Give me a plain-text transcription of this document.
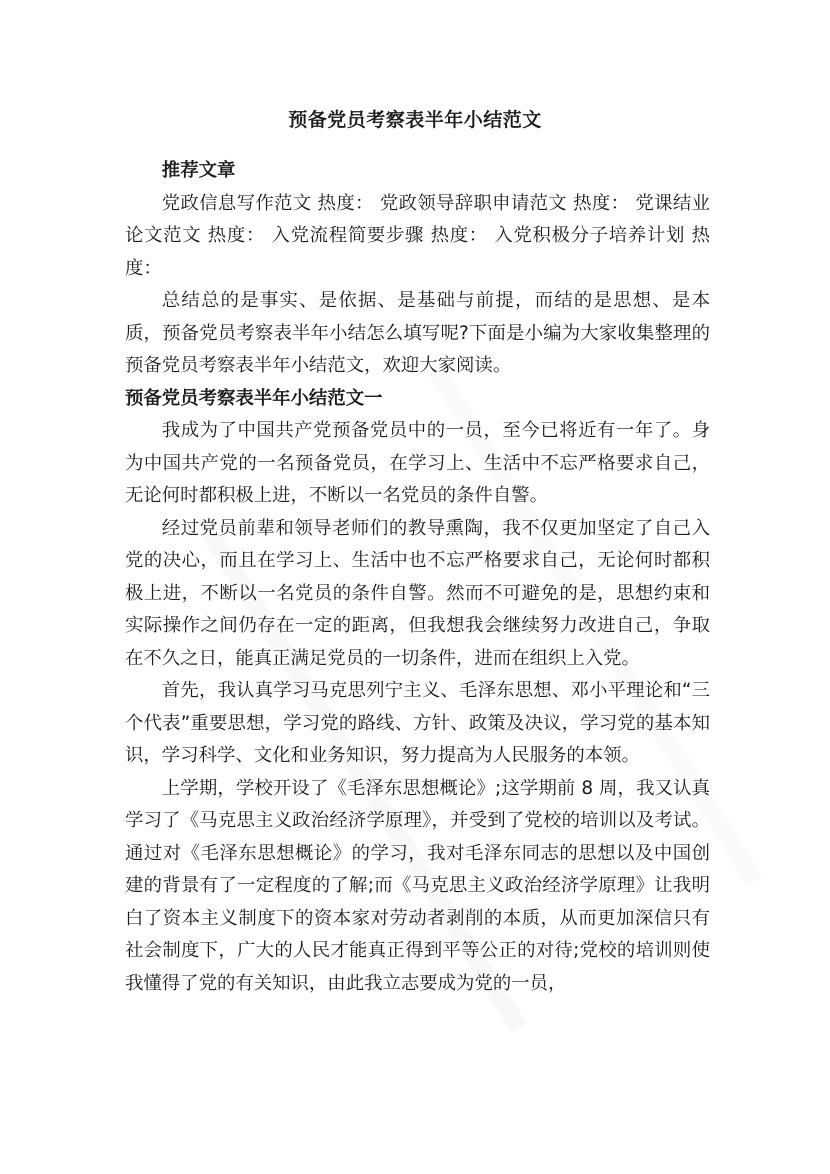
预备党员考察表半年小结范文

推荐文章

党政信息写作范文 热度： 党政领导辞职申请范文 热度： 党课结业论文范文 热度： 入党流程简要步骤 热度： 入党积极分子培养计划 热度：

总结总的是事实、是依据、是基础与前提，而结的是思想、是本质，预备党员考察表半年小结怎么填写呢?下面是小编为大家收集整理的预备党员考察表半年小结范文，欢迎大家阅读。

预备党员考察表半年小结范文一

我成为了中国共产党预备党员中的一员，至今已将近有一年了。身为中国共产党的一名预备党员，在学习上、生活中不忘严格要求自己，无论何时都积极上进，不断以一名党员的条件自警。

经过党员前辈和领导老师们的教导熏陶，我不仅更加坚定了自己入党的决心，而且在学习上、生活中也不忘严格要求自己，无论何时都积极上进，不断以一名党员的条件自警。然而不可避免的是，思想约束和实际操作之间仍存在一定的距离，但我想我会继续努力改进自己，争取在不久之日，能真正满足党员的一切条件，进而在组织上入党。

首先，我认真学习马克思列宁主义、毛泽东思想、邓小平理论和“三个代表”重要思想，学习党的路线、方针、政策及决议，学习党的基本知识，学习科学、文化和业务知识，努力提高为人民服务的本领。

上学期，学校开设了《毛泽东思想概论》;这学期前 8 周，我又认真学习了《马克思主义政治经济学原理》，并受到了党校的培训以及考试。通过对《毛泽东思想概论》的学习，我对毛泽东同志的思想以及中国创建的背景有了一定程度的了解;而《马克思主义政治经济学原理》让我明白了资本主义制度下的资本家对劳动者剥削的本质，从而更加深信只有社会制度下，广大的人民才能真正得到平等公正的对待;党校的培训则使我懂得了党的有关知识，由此我立志要成为党的一员，
